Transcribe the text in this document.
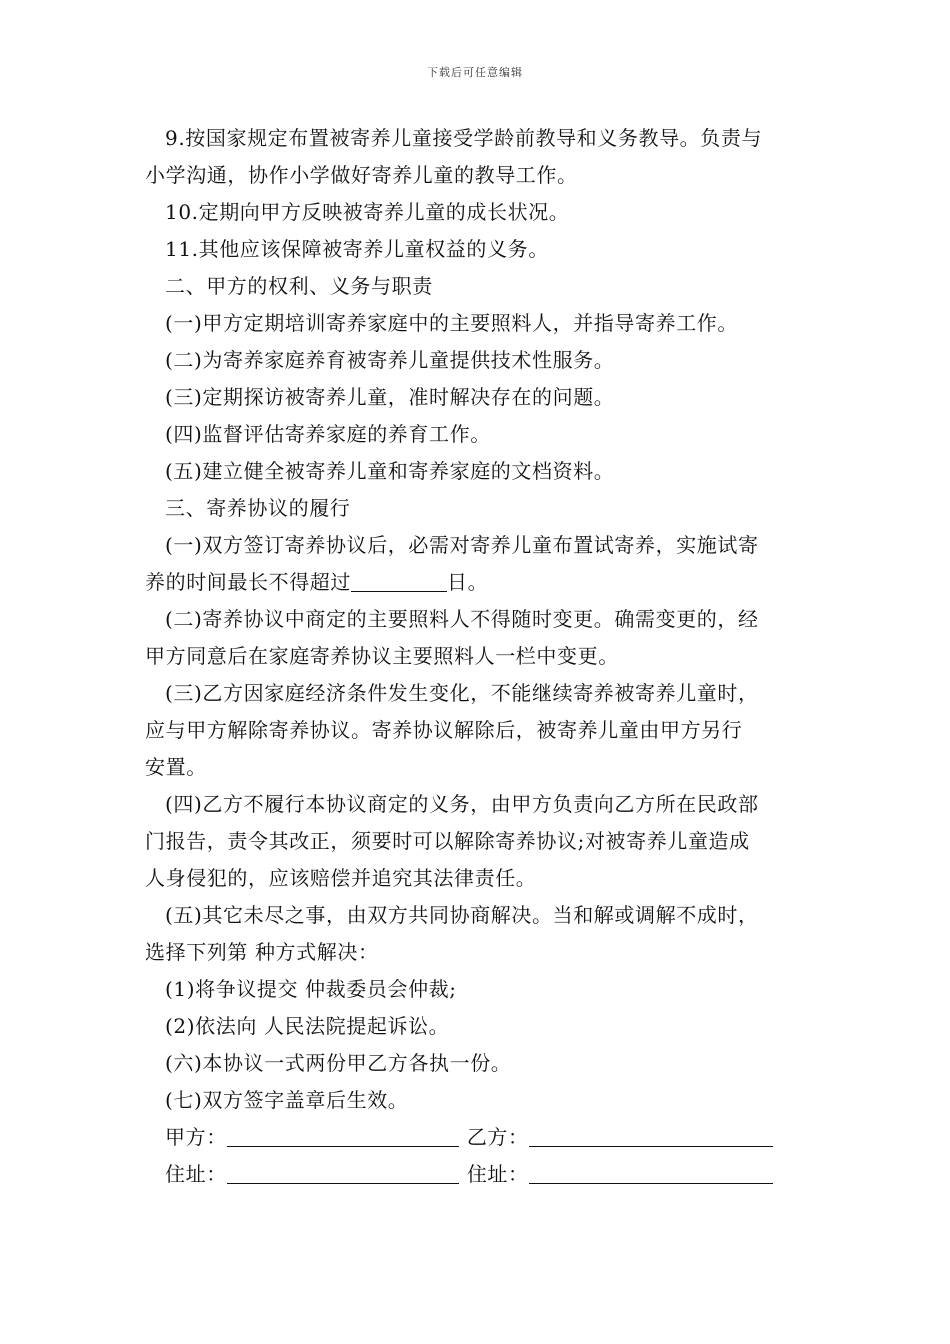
下载后可任意编辑

9.按国家规定布置被寄养儿童接受学龄前教导和义务教导。负责与

小学沟通，协作小学做好寄养儿童的教导工作。

10.定期向甲方反映被寄养儿童的成长状况。

11.其他应该保障被寄养儿童权益的义务。

二、甲方的权利、义务与职责

(一)甲方定期培训寄养家庭中的主要照料人，并指导寄养工作。

(二)为寄养家庭养育被寄养儿童提供技术性服务。

(三)定期探访被寄养儿童，准时解决存在的问题。

(四)监督评估寄养家庭的养育工作。

(五)建立健全被寄养儿童和寄养家庭的文档资料。

三、寄养协议的履行

(一)双方签订寄养协议后，必需对寄养儿童布置试寄养，实施试寄

养的时间最长不得超过	日。

(二)寄养协议中商定的主要照料人不得随时变更。确需变更的，经

甲方同意后在家庭寄养协议主要照料人一栏中变更。

(三)乙方因家庭经济条件发生变化，不能继续寄养被寄养儿童时，

应与甲方解除寄养协议。寄养协议解除后，被寄养儿童由甲方另行

安置。

(四)乙方不履行本协议商定的义务，由甲方负责向乙方所在民政部

门报告，责令其改正，须要时可以解除寄养协议;对被寄养儿童造成

人身侵犯的，应该赔偿并追究其法律责任。

(五)其它未尽之事，由双方共同协商解决。当和解或调解不成时，

选择下列第 种方式解决：

(1)将争议提交 仲裁委员会仲裁;

(2)依法向 人民法院提起诉讼。

(六)本协议一式两份甲乙方各执一份。

(七)双方签字盖章后生效。

甲方：	乙方：

住址：	住址：
